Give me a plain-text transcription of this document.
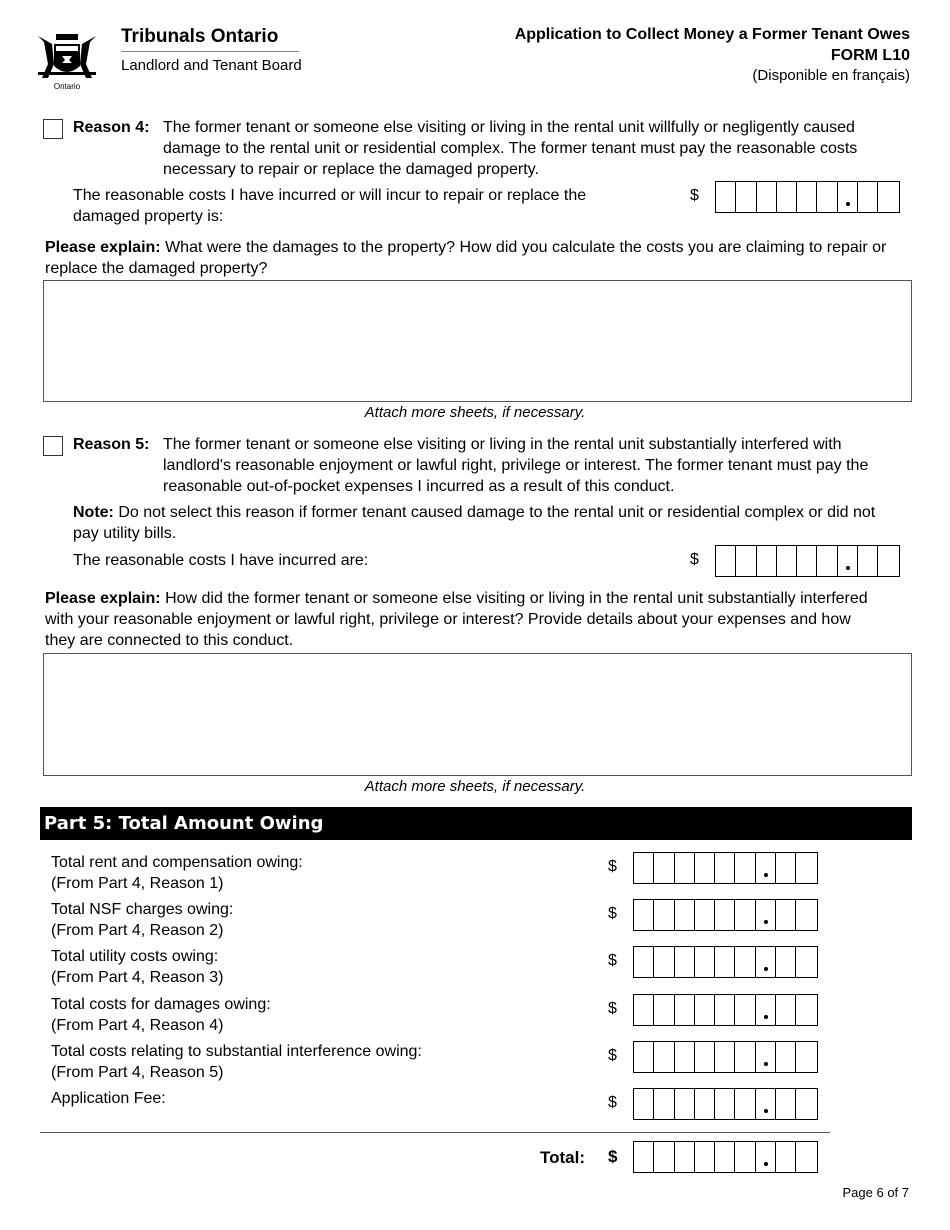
Ontario
Tribunals Ontario
Landlord and Tenant Board
Application to Collect Money a Former Tenant Owes
FORM L10
(Disponible en français)
Reason 4: The former tenant or someone else visiting or living in the rental unit willfully or negligently caused damage to the rental unit or residential complex. The former tenant must pay the reasonable costs necessary to repair or replace the damaged property.
The reasonable costs I have incurred or will incur to repair or replace the damaged property is:
$
Please explain: What were the damages to the property? How did you calculate the costs you are claiming to repair or replace the damaged property?
Attach more sheets, if necessary.
Reason 5: The former tenant or someone else visiting or living in the rental unit substantially interfered with landlord's reasonable enjoyment or lawful right, privilege or interest. The former tenant must pay the reasonable out-of-pocket expenses I incurred as a result of this conduct.
Note: Do not select this reason if former tenant caused damage to the rental unit or residential complex or did not pay utility bills.
The reasonable costs I have incurred are:	$
Please explain: How did the former tenant or someone else visiting or living in the rental unit substantially interfered with your reasonable enjoyment or lawful right, privilege or interest? Provide details about your expenses and how they are connected to this conduct.
Attach more sheets, if necessary.
Part 5: Total Amount Owing
Total rent and compensation owing:
(From Part 4, Reason 1)
$
Total NSF charges owing:
(From Part 4, Reason 2)
$
Total utility costs owing:
(From Part 4, Reason 3)
$
Total costs for damages owing:
(From Part 4, Reason 4)
$
Total costs relating to substantial interference owing:
(From Part 4, Reason 5)
$
Application Fee:	$
Total: $
Page 6 of 7
